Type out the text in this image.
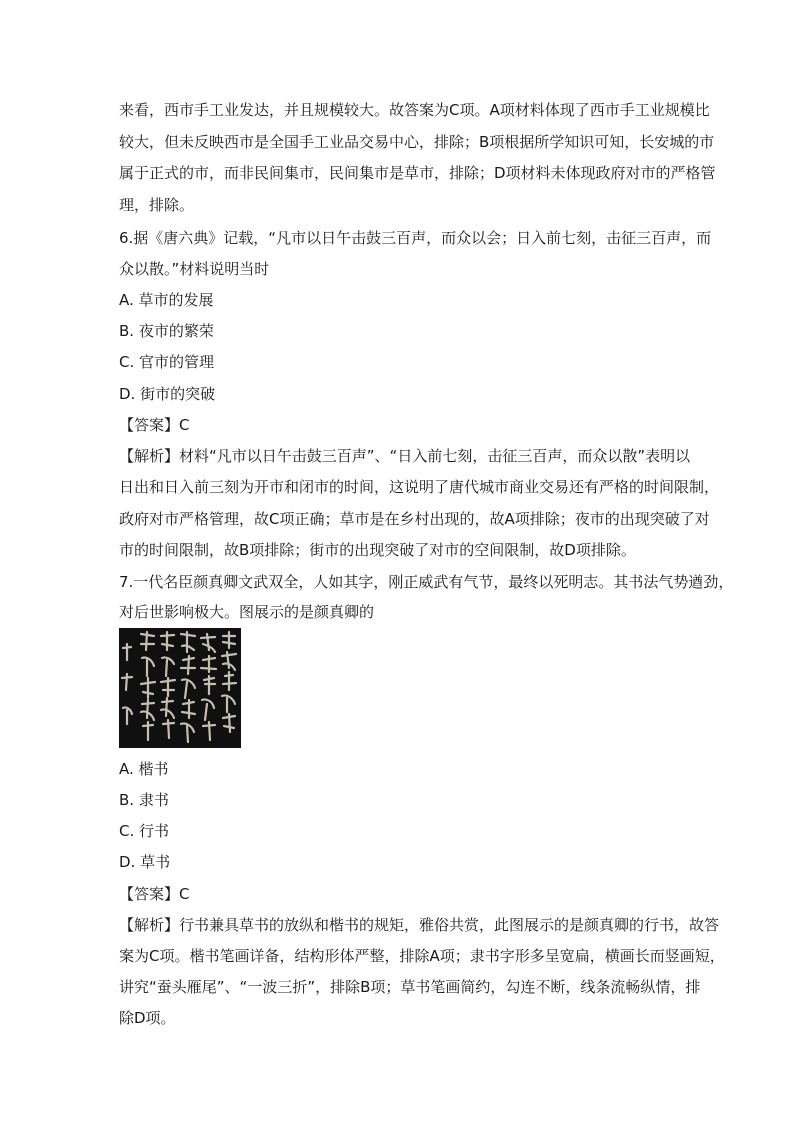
来看，西市手工业发达，并且规模较大。故答案为C项。A项材料体现了西市手工业规模比
较大，但未反映西市是全国手工业品交易中心，排除；B项根据所学知识可知，长安城的市
属于正式的市，而非民间集市，民间集市是草市，排除；D项材料未体现政府对市的严格管
理，排除。
6.据《唐六典》记载，“凡市以日午击鼓三百声，而众以会；日入前七刻，击征三百声，而
众以散。”材料说明当时
A. 草市的发展
B. 夜市的繁荣
C. 官市的管理
D. 街市的突破
【答案】C
【解析】材料“凡市以日午击鼓三百声”、“日入前七刻，击征三百声，而众以散”表明以
日出和日入前三刻为开市和闭市的时间，这说明了唐代城市商业交易还有严格的时间限制，
政府对市严格管理，故C项正确；草市是在乡村出现的，故A项排除；夜市的出现突破了对
市的时间限制，故B项排除；街市的出现突破了对市的空间限制，故D项排除。
7.一代名臣颜真卿文武双全，人如其字，刚正威武有气节，最终以死明志。其书法气势遒劲，
对后世影响极大。图展示的是颜真卿的
A. 楷书
B. 隶书
C. 行书
D. 草书
【答案】C
【解析】行书兼具草书的放纵和楷书的规矩，雅俗共赏，此图展示的是颜真卿的行书，故答
案为C项。楷书笔画详备，结构形体严整，排除A项；隶书字形多呈宽扁，横画长而竖画短，
讲究“蚕头雁尾”、“一波三折”，排除B项；草书笔画简约，勾连不断，线条流畅纵情，排
除D项。
